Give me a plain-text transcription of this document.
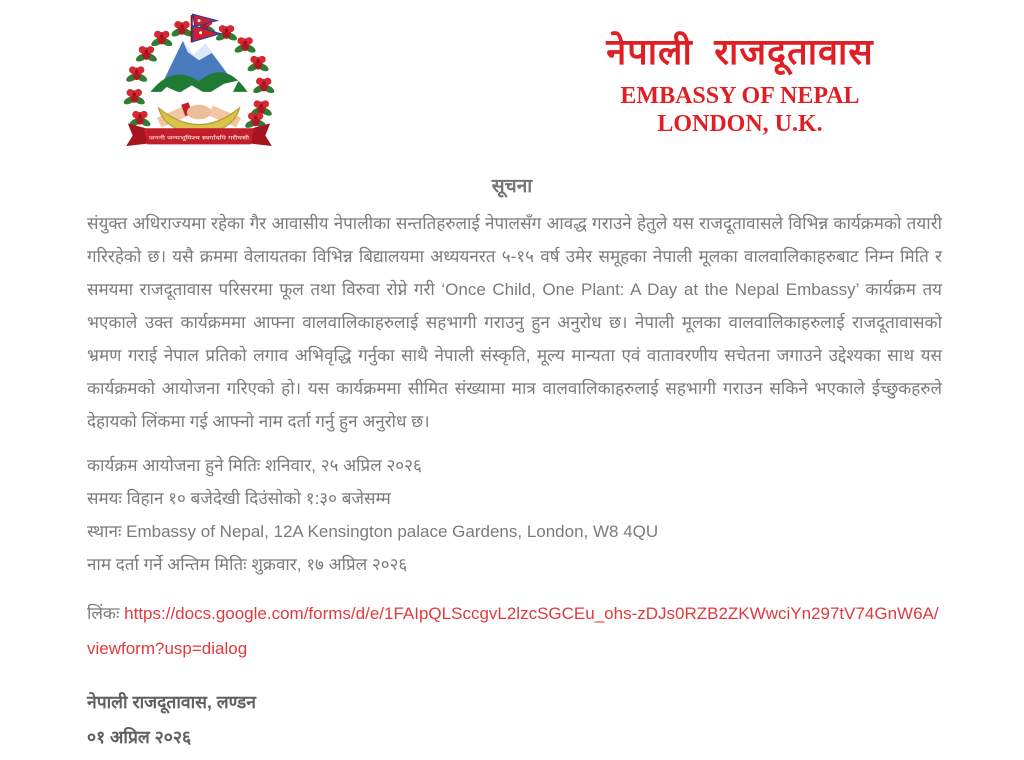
जननी जन्मभूमिश्च स्वर्गादपि गरीयसी
नेपाली राजदूतावास
EMBASSY OF NEPAL
LONDON, U.K.
सूचना

संयुक्त अधिराज्यमा रहेका गैर आवासीय नेपालीका सन्ततिहरुलाई नेपालसँग आवद्ध गराउने हेतुले यस राजदूतावासले विभिन्न कार्यक्रमको तयारी गरिरहेको छ। यसै क्रममा वेलायतका विभिन्न बिद्यालयमा अध्ययनरत ५-१५ वर्ष उमेर समूहका नेपाली मूलका वालवालिकाहरुबाट निम्न मिति र समयमा राजदूतावास परिसरमा फूल तथा विरुवा रोप्ने गरी ‘Once Child, One Plant: A Day at the Nepal Embassy’ कार्यक्रम तय भएकाले उक्त कार्यक्रममा आफ्ना वालवालिकाहरुलाई सहभागी गराउनु हुन अनुरोध छ। नेपाली मूलका वालवालिकाहरुलाई राजदूतावासको भ्रमण गराई नेपाल प्रतिको लगाव अभिवृद्धि गर्नुका साथै नेपाली संस्कृति, मूल्य मान्यता एवं वातावरणीय सचेतना जगाउने उद्देश्यका साथ यस कार्यक्रमको आयोजना गरिएको हो। यस कार्यक्रममा सीमित संख्यामा मात्र वालवालिकाहरुलाई सहभागी गराउन सकिने भएकाले ईच्छुकहरुले देहायको लिंकमा गई आफ्नो नाम दर्ता गर्नु हुन अनुरोध छ।

कार्यक्रम आयोजना हुने मितिः शनिवार, २५ अप्रिल २०२६
समयः विहान १० बजेदेखी दिउंसोको १:३० बजेसम्म
स्थानः Embassy of Nepal, 12A Kensington palace Gardens, London, W8 4QU
नाम दर्ता गर्ने अन्तिम मितिः शुक्रवार, १७ अप्रिल २०२६

लिंकः https://docs.google.com/forms/d/e/1FAIpQLSccgvL2lzcSGCEu_ohs-zDJs0RZB2ZKWwciYn297tV74GnW6A/viewform?usp=dialog

नेपाली राजदूतावास, लण्डन
०१ अप्रिल २०२६
